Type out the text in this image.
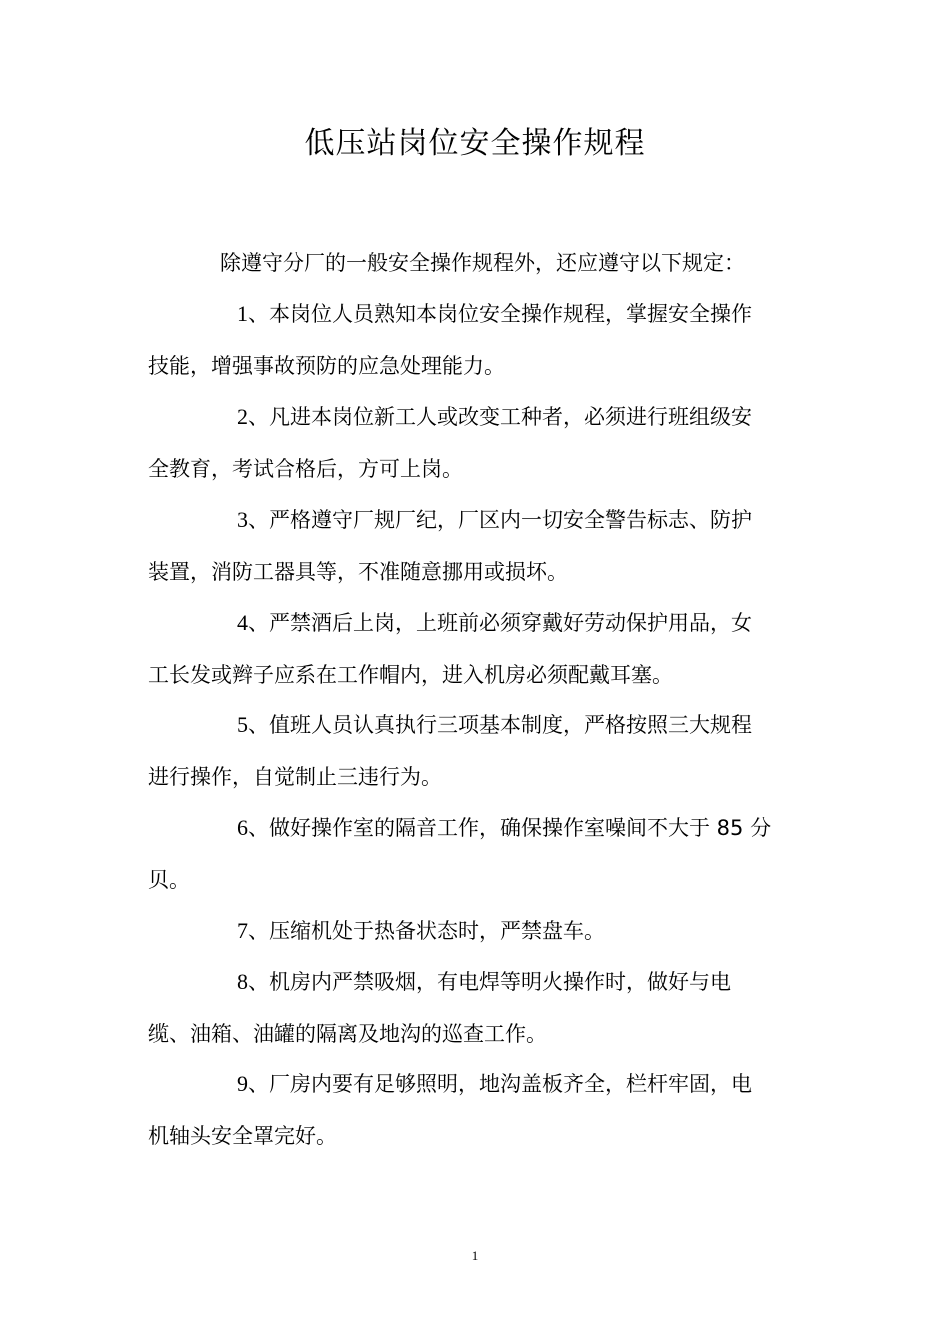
低压站岗位安全操作规程

除遵守分厂的一般安全操作规程外，还应遵守以下规定：

1、本岗位人员熟知本岗位安全操作规程，掌握安全操作
技能，增强事故预防的应急处理能力。
2、凡进本岗位新工人或改变工种者，必须进行班组级安
全教育，考试合格后，方可上岗。
3、严格遵守厂规厂纪，厂区内一切安全警告标志、防护
装置，消防工器具等，不准随意挪用或损坏。
4、严禁酒后上岗，上班前必须穿戴好劳动保护用品，女
工长发或辫子应系在工作帽内，进入机房必须配戴耳塞。
5、值班人员认真执行三项基本制度，严格按照三大规程
进行操作，自觉制止三违行为。
6、做好操作室的隔音工作，确保操作室噪间不大于 85 分
贝。
7、压缩机处于热备状态时，严禁盘车。
8、机房内严禁吸烟，有电焊等明火操作时，做好与电
缆、油箱、油罐的隔离及地沟的巡查工作。
9、厂房内要有足够照明，地沟盖板齐全，栏杆牢固，电
机轴头安全罩完好。
1
